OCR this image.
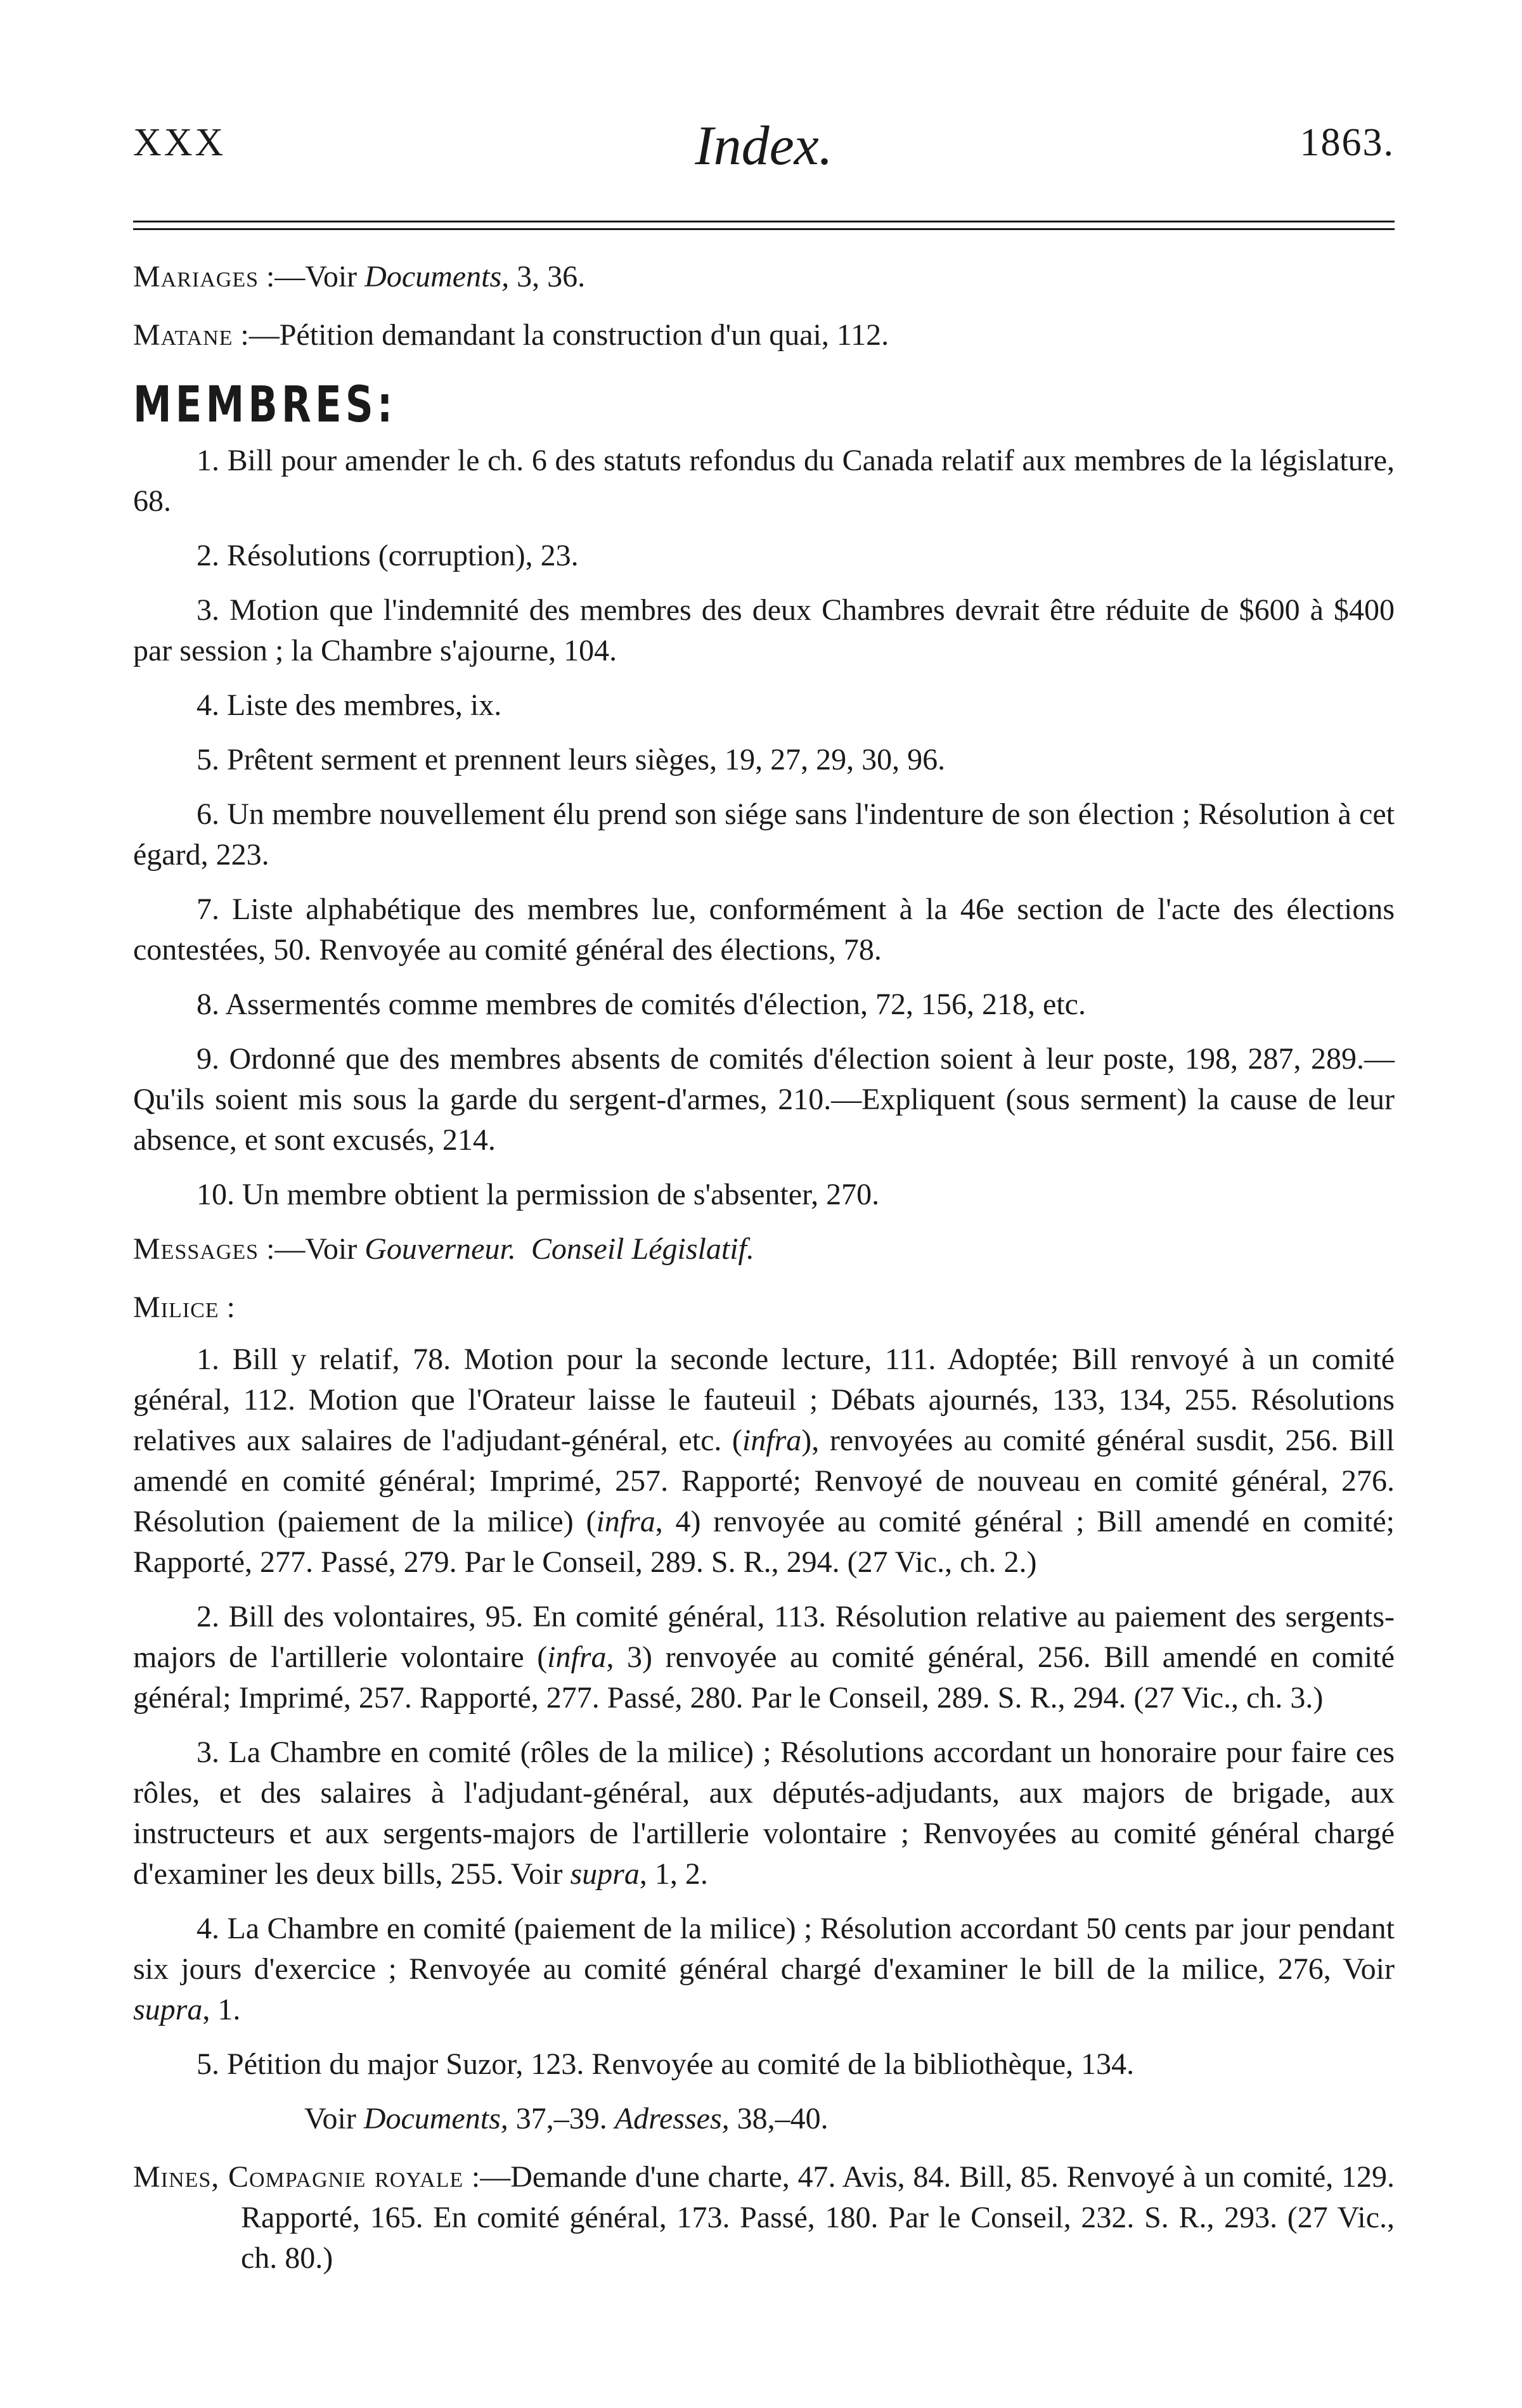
XXX	Index.	1863.

Mariages :—Voir Documents, 3, 36.

Matane :—Pétition demandant la construction d'un quai, 112.

MEMBRES:

1. Bill pour amender le ch. 6 des statuts refondus du Canada relatif aux membres de la législature, 68.

2. Résolutions (corruption), 23.

3. Motion que l'indemnité des membres des deux Chambres devrait être réduite de $600 à $400 par session ; la Chambre s'ajourne, 104.

4. Liste des membres, ix.

5. Prêtent serment et prennent leurs sièges, 19, 27, 29, 30, 96.

6. Un membre nouvellement élu prend son siége sans l'indenture de son élection ; Résolution à cet égard, 223.

7. Liste alphabétique des membres lue, conformément à la 46e section de l'acte des élections contestées, 50. Renvoyée au comité général des élections, 78.

8. Assermentés comme membres de comités d'élection, 72, 156, 218, etc.

9. Ordonné que des membres absents de comités d'élection soient à leur poste, 198, 287, 289.—Qu'ils soient mis sous la garde du sergent-d'armes, 210.—Expliquent (sous serment) la cause de leur absence, et sont excusés, 214.

10. Un membre obtient la permission de s'absenter, 270.

Messages :—Voir Gouverneur. Conseil Législatif.

Milice :

1. Bill y relatif, 78. Motion pour la seconde lecture, 111. Adoptée; Bill renvoyé à un comité général, 112. Motion que l'Orateur laisse le fauteuil ; Débats ajournés, 133, 134, 255. Résolutions relatives aux salaires de l'adjudant-général, etc. (infra), renvoyées au comité général susdit, 256. Bill amendé en comité général; Imprimé, 257. Rapporté; Renvoyé de nouveau en comité général, 276. Résolution (paiement de la milice) (infra, 4) renvoyée au comité général ; Bill amendé en comité; Rapporté, 277. Passé, 279. Par le Conseil, 289. S. R., 294. (27 Vic., ch. 2.)

2. Bill des volontaires, 95. En comité général, 113. Résolution relative au paiement des sergents-majors de l'artillerie volontaire (infra, 3) renvoyée au comité général, 256. Bill amendé en comité général; Imprimé, 257. Rapporté, 277. Passé, 280. Par le Conseil, 289. S. R., 294. (27 Vic., ch. 3.)

3. La Chambre en comité (rôles de la milice) ; Résolutions accordant un honoraire pour faire ces rôles, et des salaires à l'adjudant-général, aux députés-adjudants, aux majors de brigade, aux instructeurs et aux sergents-majors de l'artillerie volontaire ; Renvoyées au comité général chargé d'examiner les deux bills, 255. Voir supra, 1, 2.

4. La Chambre en comité (paiement de la milice) ; Résolution accordant 50 cents par jour pendant six jours d'exercice ; Renvoyée au comité général chargé d'examiner le bill de la milice, 276, Voir supra, 1.

5. Pétition du major Suzor, 123. Renvoyée au comité de la bibliothèque, 134.

Voir Documents, 37,–39. Adresses, 38,–40.

Mines, Compagnie royale :—Demande d'une charte, 47. Avis, 84. Bill, 85. Renvoyé à un comité, 129. Rapporté, 165. En comité général, 173. Passé, 180. Par le Conseil, 232. S. R., 293. (27 Vic., ch. 80.)
